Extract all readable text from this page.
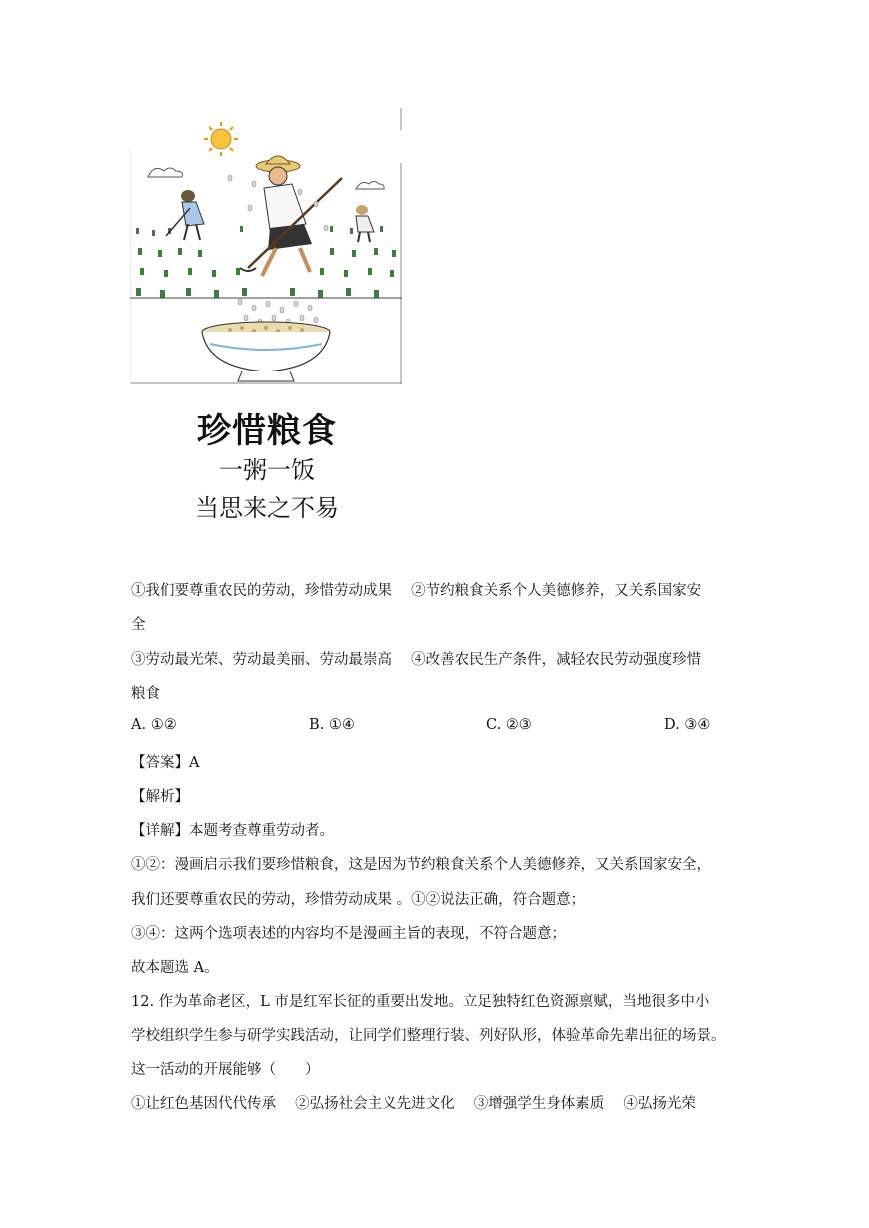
珍惜粮食
一粥一饭
当思来之不易
①我们要尊重农民的劳动，珍惜劳动成果　 ②节约粮食关系个人美德修养，又关系国家安
全
③劳动最光荣、劳动最美丽、劳动最崇高　 ④改善农民生产条件，减轻农民劳动强度珍惜
粮食
A. ①②	B. ①④	C. ②③	D. ③④
【答案】A
【解析】
【详解】本题考查尊重劳动者。
①②：漫画启示我们要珍惜粮食，这是因为节约粮食关系个人美德修养，又关系国家安全，
我们还要尊重农民的劳动，珍惜劳动成果 。①②说法正确，符合题意；
③④：这两个选项表述的内容均不是漫画主旨的表现，不符合题意；
故本题选 A。
12. 作为革命老区，L 市是红军长征的重要出发地。立足独特红色资源禀赋，当地很多中小
学校组织学生参与研学实践活动，让同学们整理行装、列好队形，体验革命先辈出征的场景。
这一活动的开展能够（　　）
①让红色基因代代传承　 ②弘扬社会主义先进文化　 ③增强学生身体素质　 ④弘扬光荣
